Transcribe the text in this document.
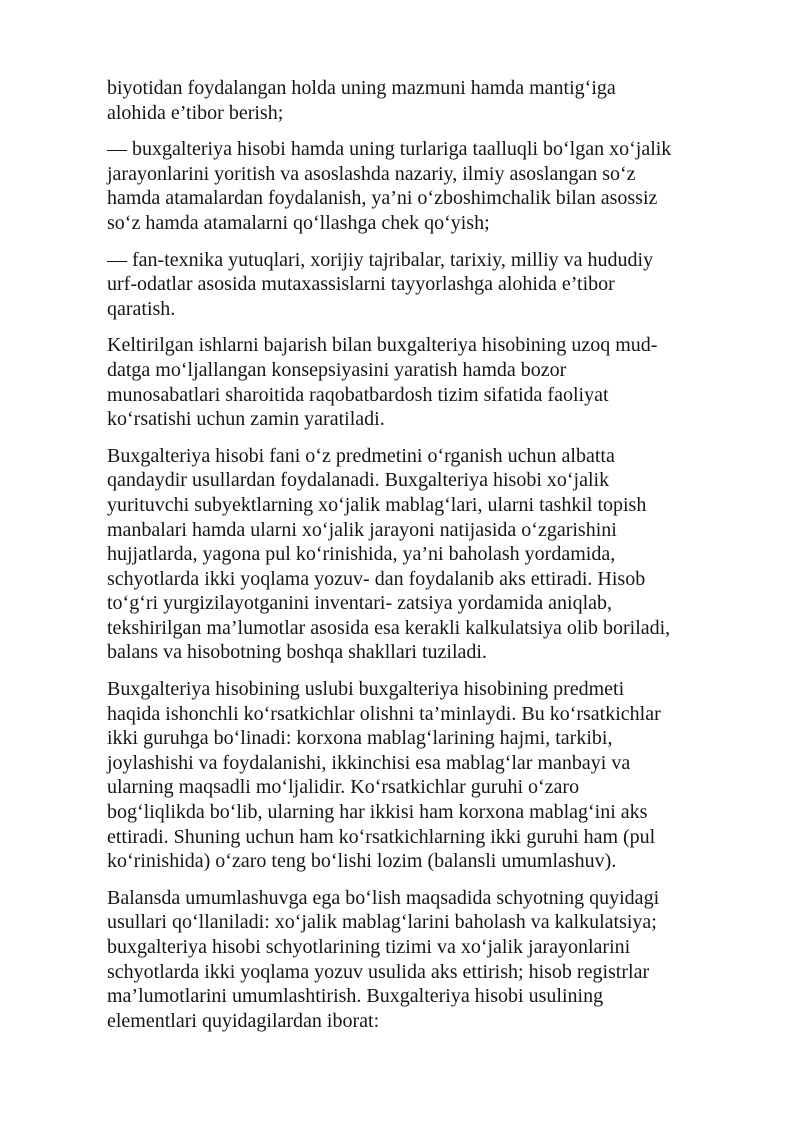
biyotidan foydalangan holda uning mazmuni hamda mantig‘iga
alohida e’tibor berish;

— buxgalteriya hisobi hamda uning turlariga taalluqli bo‘lgan xo‘jalik
jarayonlarini yoritish va asoslashda nazariy, ilmiy asoslangan so‘z
hamda atamalardan foydalanish, ya’ni o‘zboshimchalik bilan asossiz
so‘z hamda atamalarni qo‘llashga chek qo‘yish;

— fan-texnika yutuqlari, xorijiy tajribalar, tarixiy, milliy va hududiy
urf-odatlar asosida mutaxassislarni tayyorlashga alohida e’tibor
qaratish.

Keltirilgan ishlarni bajarish bilan buxgalteriya hisobining uzoq mud-
datga mo‘ljallangan konsepsiyasini yaratish hamda bozor
munosabatlari sharoitida raqobatbardosh tizim sifatida faoliyat
ko‘rsatishi uchun zamin yaratiladi.

Buxgalteriya hisobi fani o‘z predmetini o‘rganish uchun albatta
qandaydir usullardan foydalanadi. Buxgalteriya hisobi xo‘jalik
yurituvchi subyektlarning xo‘jalik mablag‘lari, ularni tashkil topish
manbalari hamda ularni xo‘jalik jarayoni natijasida o‘zgarishini
hujjatlarda, yagona pul ko‘rinishida, ya’ni baholash yordamida,
schyotlarda ikki yoqlama yozuv- dan foydalanib aks ettiradi. Hisob
to‘g‘ri yurgizilayotganini inventari- zatsiya yordamida aniqlab,
tekshirilgan ma’lumotlar asosida esa kerakli kalkulatsiya olib boriladi,
balans va hisobotning boshqa shakllari tuziladi.

Buxgalteriya hisobining uslubi buxgalteriya hisobining predmeti
haqida ishonchli ko‘rsatkichlar olishni ta’minlaydi. Bu ko‘rsatkichlar
ikki guruhga bo‘linadi: korxona mablag‘larining hajmi, tarkibi,
joylashishi va foydalanishi, ikkinchisi esa mablag‘lar manbayi va
ularning maqsadli mo‘ljalidir. Ko‘rsatkichlar guruhi o‘zaro
bog‘liqlikda bo‘lib, ularning har ikkisi ham korxona mablag‘ini aks
ettiradi. Shuning uchun ham ko‘rsatkichlarning ikki guruhi ham (pul
ko‘rinishida) o‘zaro teng bo‘lishi lozim (balansli umumlashuv).

Balansda umumlashuvga ega bo‘lish maqsadida schyotning quyidagi
usullari qo‘llaniladi: xo‘jalik mablag‘larini baholash va kalkulatsiya;
buxgalteriya hisobi schyotlarining tizimi va xo‘jalik jarayonlarini
schyotlarda ikki yoqlama yozuv usulida aks ettirish; hisob registrlar
ma’lumotlarini umumlashtirish. Buxgalteriya hisobi usulining
elementlari quyidagilardan iborat:
